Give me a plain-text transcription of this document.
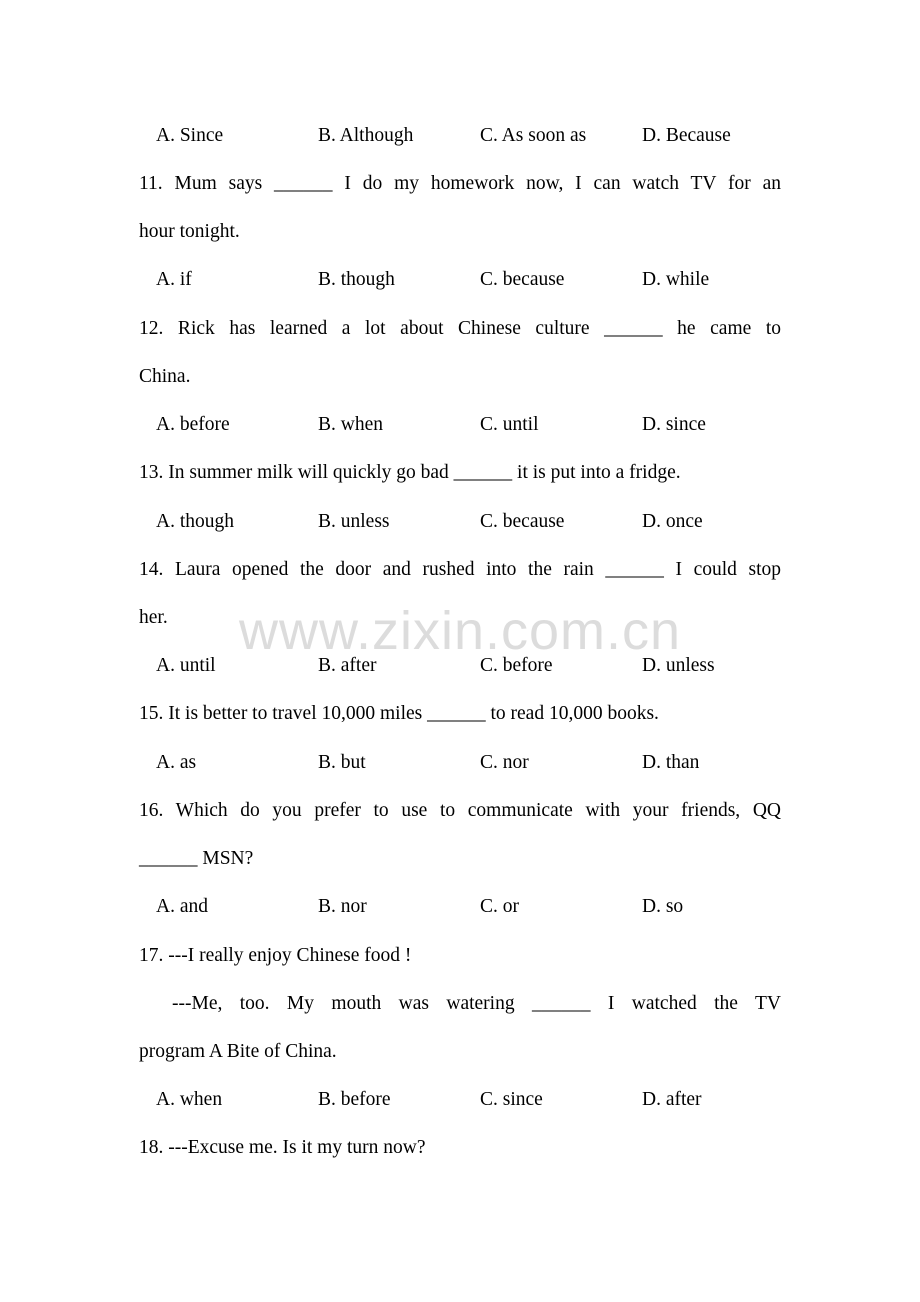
www.zixin.com.cn
A. Since	B. Although	C. As soon as	D. Because
11. Mum says ______ I do my homework now, I can watch TV for an
hour tonight.
A. if	B. though	C. because	D. while
12. Rick has learned a lot about Chinese culture ______ he came to
China.
A. before	B. when	C. until	D. since
13. In summer milk will quickly go bad ______ it is put into a fridge.
A. though	B. unless	C. because	D. once
14. Laura opened the door and rushed into the rain ______ I could stop
her.
A. until	B. after	C. before	D. unless
15. It is better to travel 10,000 miles ______ to read 10,000 books.
A. as	B. but	C. nor	D. than
16. Which do you prefer to use to communicate with your friends, QQ
______ MSN?
A. and	B. nor	C. or	D. so
17. ---I really enjoy Chinese food !
---Me, too. My mouth was watering ______ I watched the TV
program A Bite of China.
A. when	B. before	C. since	D. after
18. ---Excuse me. Is it my turn now?
